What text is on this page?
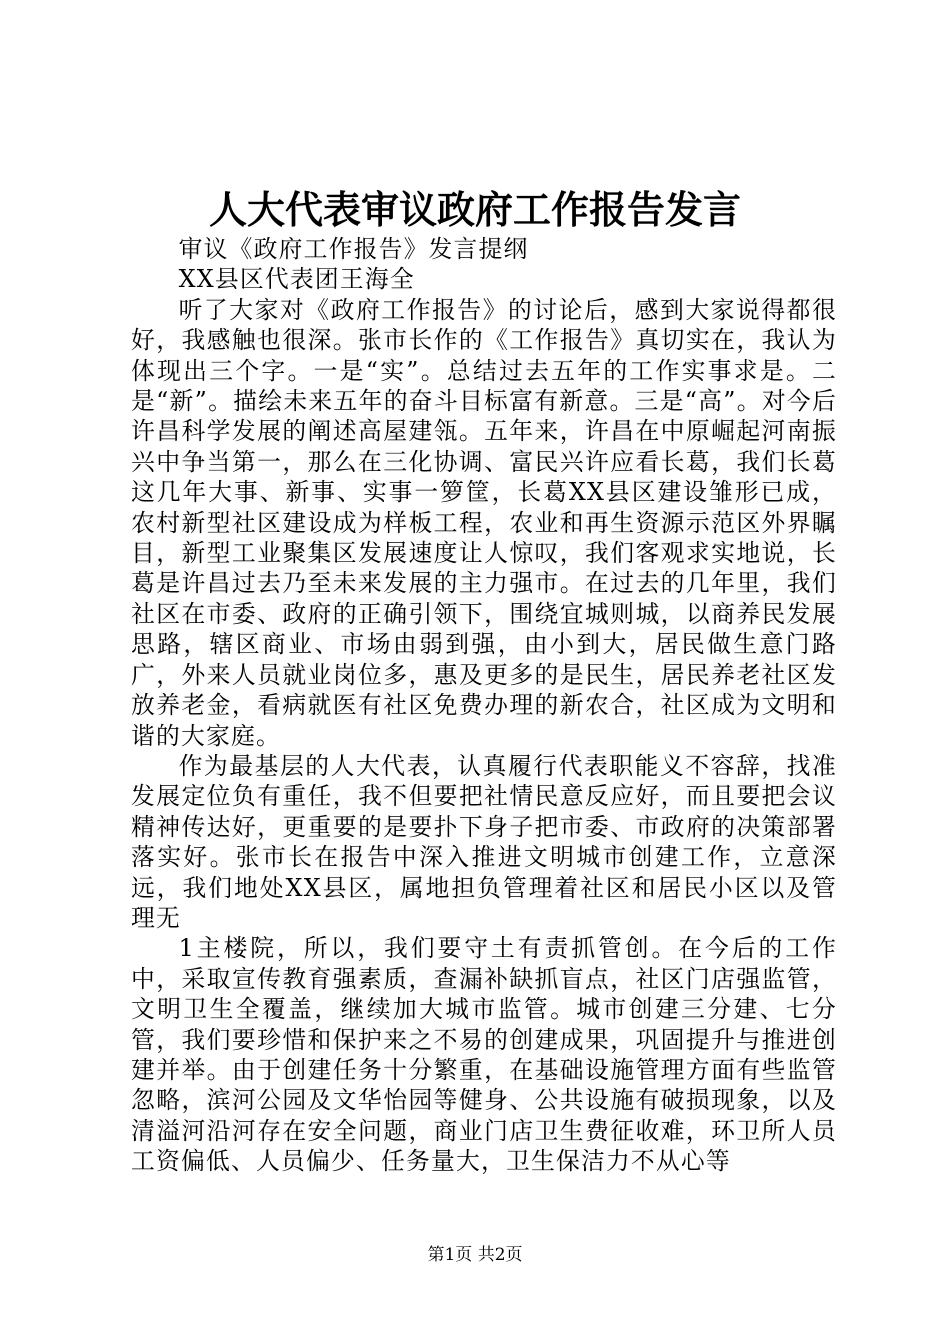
人大代表审议政府工作报告发言

审议《政府工作报告》发言提纲

XX县区代表团王海全

听了大家对《政府工作报告》的讨论后，感到大家说得都很好，我感触也很深。张市长作的《工作报告》真切实在，我认为体现出三个字。一是“实”。总结过去五年的工作实事求是。二是“新”。描绘未来五年的奋斗目标富有新意。三是“高”。对今后许昌科学发展的阐述高屋建瓴。五年来，许昌在中原崛起河南振兴中争当第一，那么在三化协调、富民兴许应看长葛，我们长葛这几年大事、新事、实事一箩筐，长葛XX县区建设雏形已成，农村新型社区建设成为样板工程，农业和再生资源示范区外界瞩目，新型工业聚集区发展速度让人惊叹，我们客观求实地说，长葛是许昌过去乃至未来发展的主力强市。在过去的几年里，我们社区在市委、政府的正确引领下，围绕宜城则城，以商养民发展思路，辖区商业、市场由弱到强，由小到大，居民做生意门路广，外来人员就业岗位多，惠及更多的是民生，居民养老社区发放养老金，看病就医有社区免费办理的新农合，社区成为文明和谐的大家庭。

作为最基层的人大代表，认真履行代表职能义不容辞，找准发展定位负有重任，我不但要把社情民意反应好，而且要把会议精神传达好，更重要的是要扑下身子把市委、市政府的决策部署落实好。张市长在报告中深入推进文明城市创建工作，立意深远，我们地处XX县区，属地担负管理着社区和居民小区以及管理无

1主楼院，所以，我们要守土有责抓管创。在今后的工作中，采取宣传教育强素质，查漏补缺抓盲点，社区门店强监管，文明卫生全覆盖，继续加大城市监管。城市创建三分建、七分管，我们要珍惜和保护来之不易的创建成果，巩固提升与推进创建并举。由于创建任务十分繁重，在基础设施管理方面有些监管忽略，滨河公园及文华怡园等健身、公共设施有破损现象，以及清溢河沿河存在安全问题，商业门店卫生费征收难，环卫所人员工资偏低、人员偏少、任务量大，卫生保洁力不从心等

第1页 共2页
